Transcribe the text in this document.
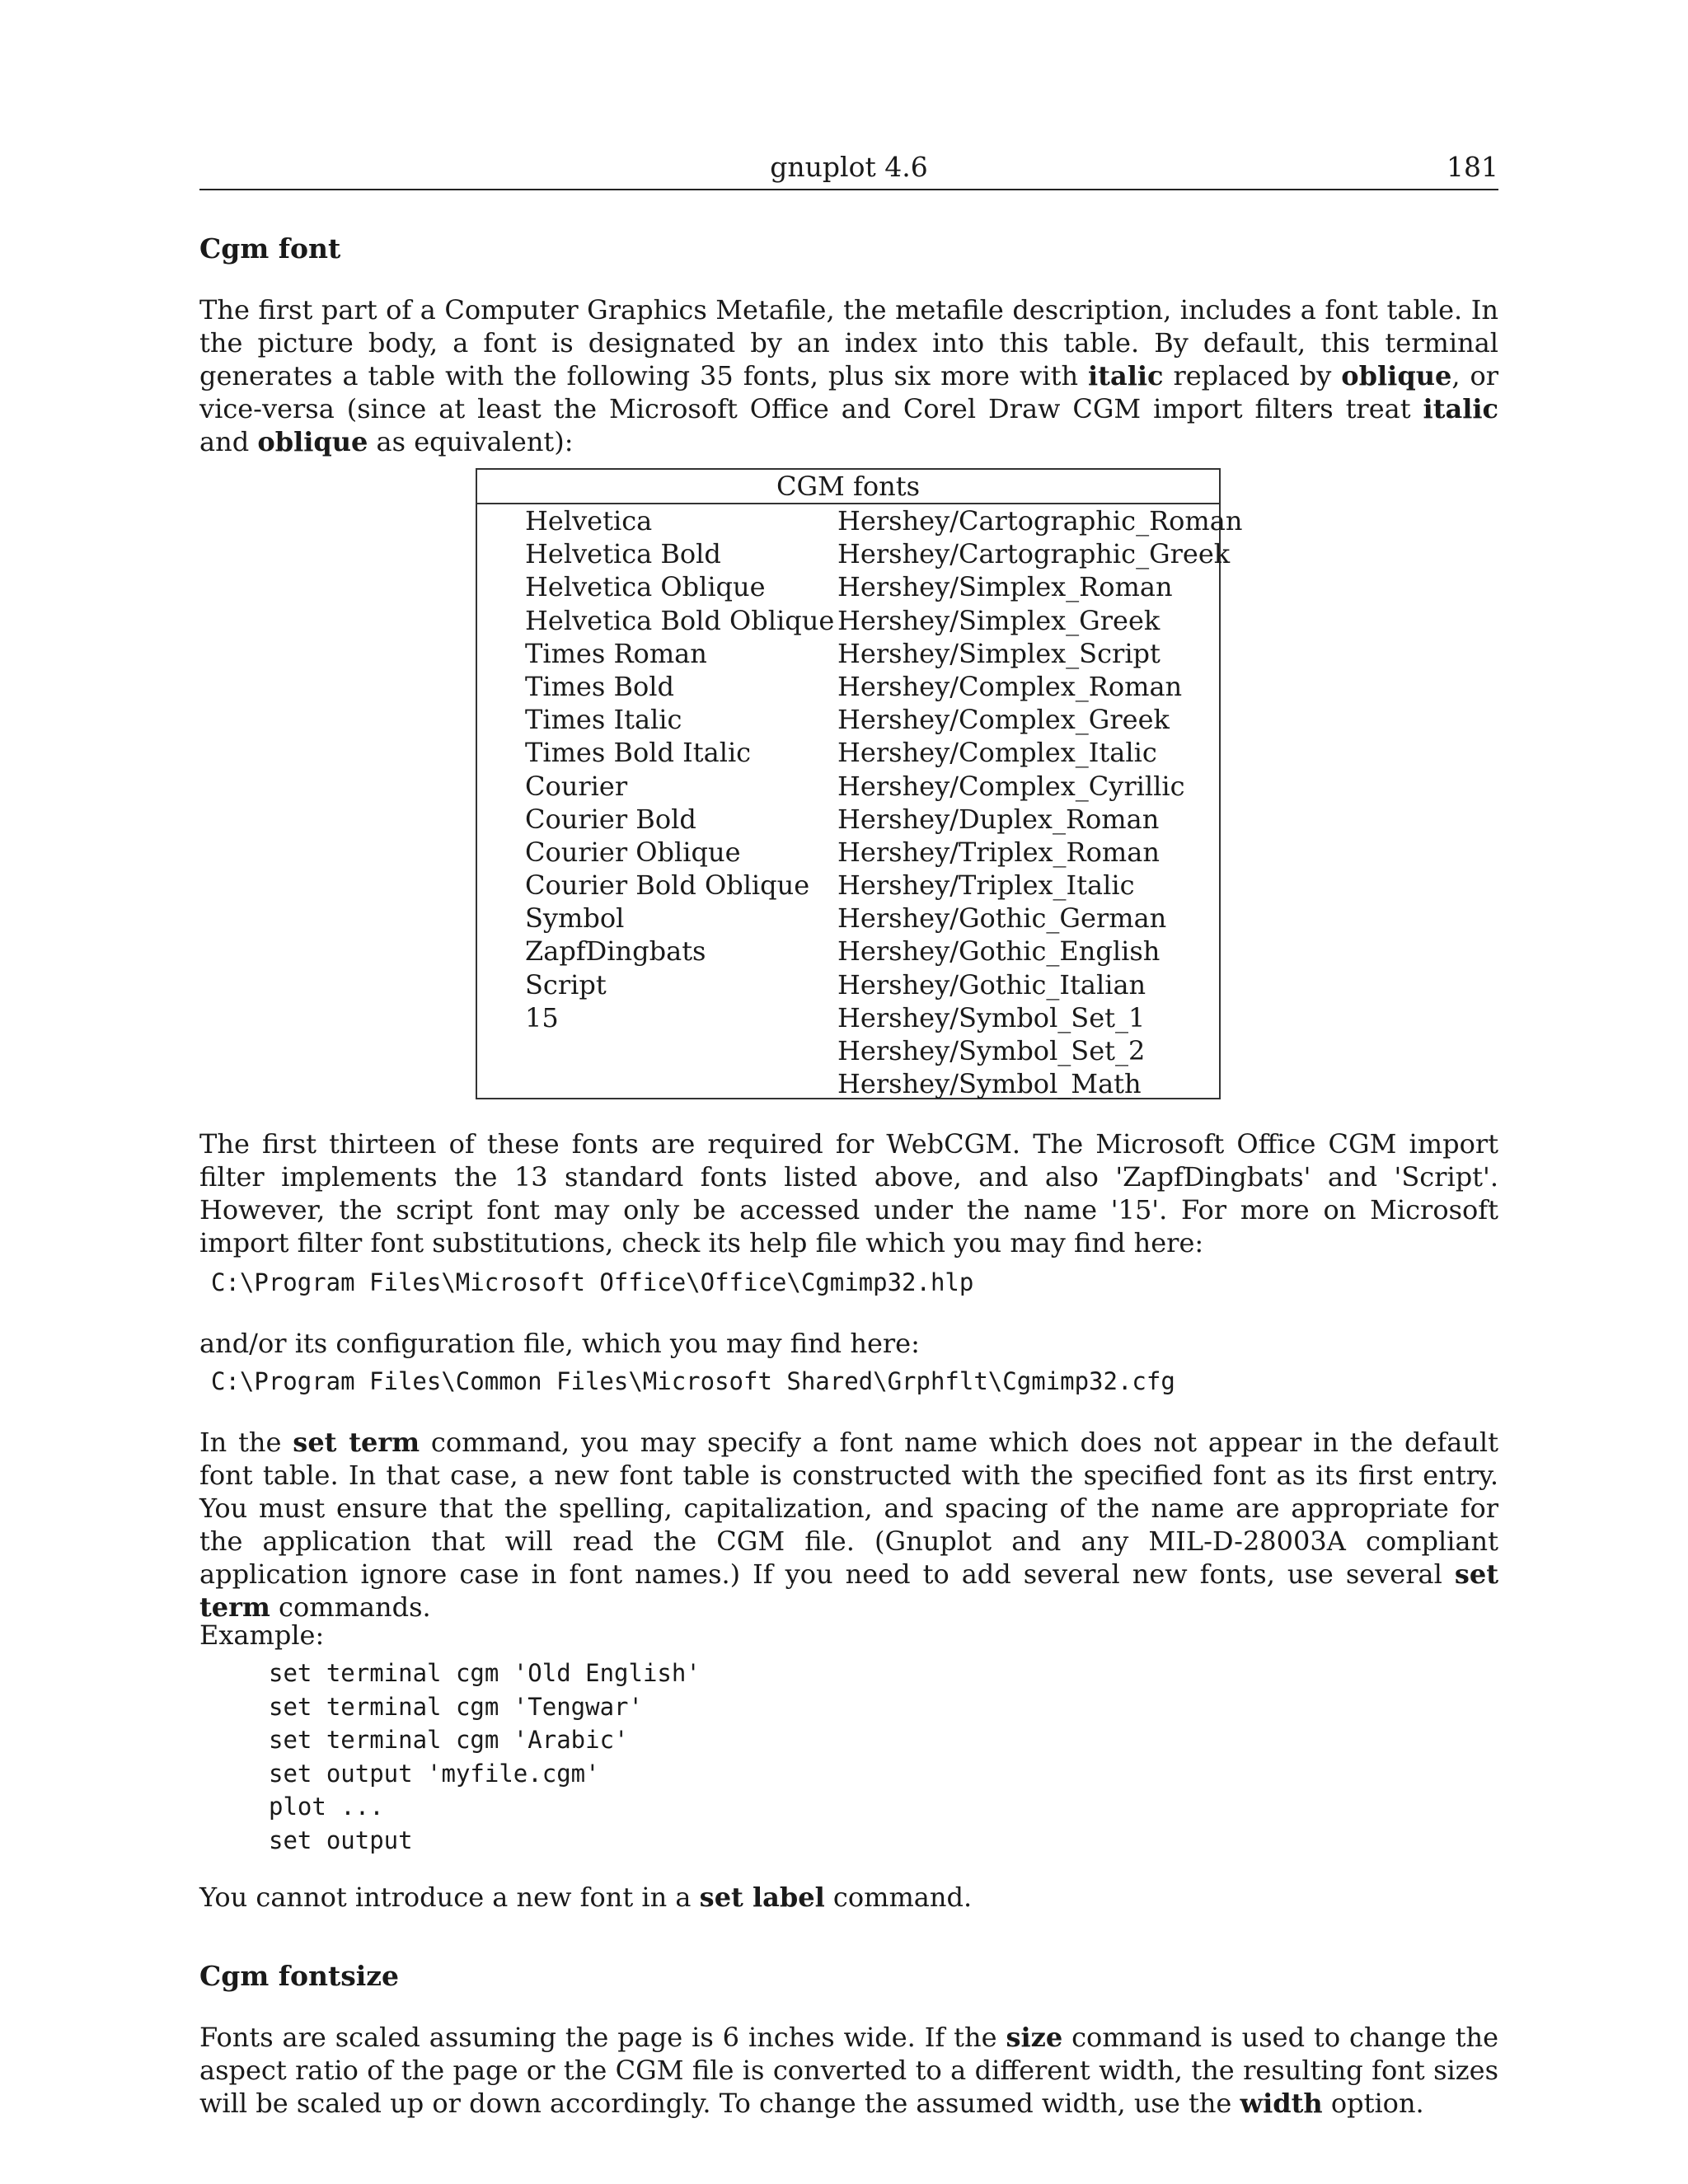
gnuplot 4.6	181
Cgm font

The first part of a Computer Graphics Metafile, the metafile description, includes a font table. In the picture body, a font is designated by an index into this table. By default, this terminal generates a table with the following 35 fonts, plus six more with italic replaced by oblique, or vice-versa (since at least the Microsoft Office and Corel Draw CGM import filters treat italic and oblique as equivalent):

CGM fonts
Helvetica
Helvetica Bold
Helvetica Oblique
Helvetica Bold Oblique
Times Roman
Times Bold
Times Italic
Times Bold Italic
Courier
Courier Bold
Courier Oblique
Courier Bold Oblique
Symbol
ZapfDingbats
Script
15
Hershey/Cartographic_Roman
Hershey/Cartographic_Greek
Hershey/Simplex_Roman
Hershey/Simplex_Greek
Hershey/Simplex_Script
Hershey/Complex_Roman
Hershey/Complex_Greek
Hershey/Complex_Italic
Hershey/Complex_Cyrillic
Hershey/Duplex_Roman
Hershey/Triplex_Roman
Hershey/Triplex_Italic
Hershey/Gothic_German
Hershey/Gothic_English
Hershey/Gothic_Italian
Hershey/Symbol_Set_1
Hershey/Symbol_Set_2
Hershey/Symbol_Math

The first thirteen of these fonts are required for WebCGM. The Microsoft Office CGM import filter implements the 13 standard fonts listed above, and also 'ZapfDingbats' and 'Script'. However, the script font may only be accessed under the name '15'. For more on Microsoft import filter font substitutions, check its help file which you may find here:

C:\Program Files\Microsoft Office\Office\Cgmimp32.hlp

and/or its configuration file, which you may find here:

C:\Program Files\Common Files\Microsoft Shared\Grphflt\Cgmimp32.cfg

In the set term command, you may specify a font name which does not appear in the default font table. In that case, a new font table is constructed with the specified font as its first entry. You must ensure that the spelling, capitalization, and spacing of the name are appropriate for the application that will read the CGM file. (Gnuplot and any MIL-D-28003A compliant application ignore case in font names.) If you need to add several new fonts, use several set term commands.

Example:

set terminal cgm 'Old English'
set terminal cgm 'Tengwar'
set terminal cgm 'Arabic'
set output 'myfile.cgm'
plot ...
set output

You cannot introduce a new font in a set label command.

Cgm fontsize

Fonts are scaled assuming the page is 6 inches wide. If the size command is used to change the aspect ratio of the page or the CGM file is converted to a different width, the resulting font sizes will be scaled up or down accordingly. To change the assumed width, use the width option.
